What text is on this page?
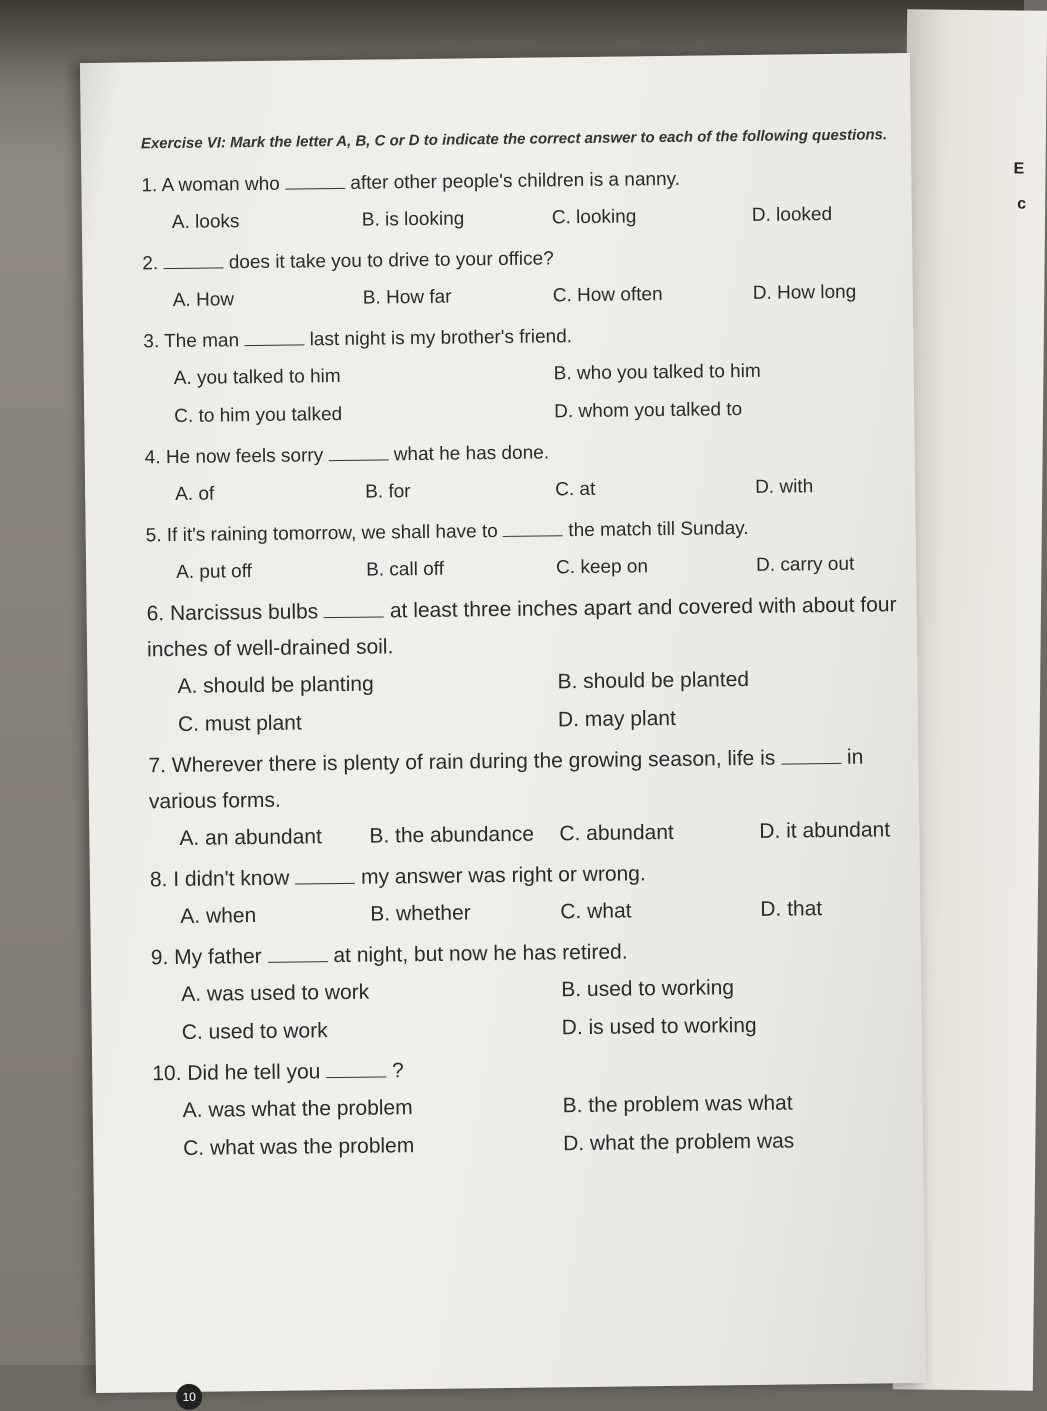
E
c
Exercise VI: Mark the letter A, B, C or D to indicate the correct answer to each of the following questions.
1. A woman who	after other people's children is a nanny.
A. looks	B. is looking	C. looking	D. looked
2.	does it take you to drive to your office?
A. How	B. How far	C. How often	D. How long
3. The man	last night is my brother's friend.
A. you talked to him	B. who you talked to him
C. to him you talked	D. whom you talked to
4. He now feels sorry	what he has done.
A. of	B. for	C. at	D. with
5. If it's raining tomorrow, we shall have to	the match till Sunday.
A. put off	B. call off	C. keep on	D. carry out
6. Narcissus bulbs	at least three inches apart and covered with about four inches of well-drained soil.
A. should be planting	B. should be planted
C. must plant	D. may plant
7. Wherever there is plenty of rain during the growing season, life is	in various forms.
A. an abundant	B. the abundance	C. abundant	D. it abundant
8. I didn't know	my answer was right or wrong.
A. when	B. whether	C. what	D. that
9. My father	at night, but now he has retired.
A. was used to work	B. used to working
C. used to work	D. is used to working
10. Did he tell you	?
A. was what the problem	B. the problem was what
C. what was the problem	D. what the problem was
10
